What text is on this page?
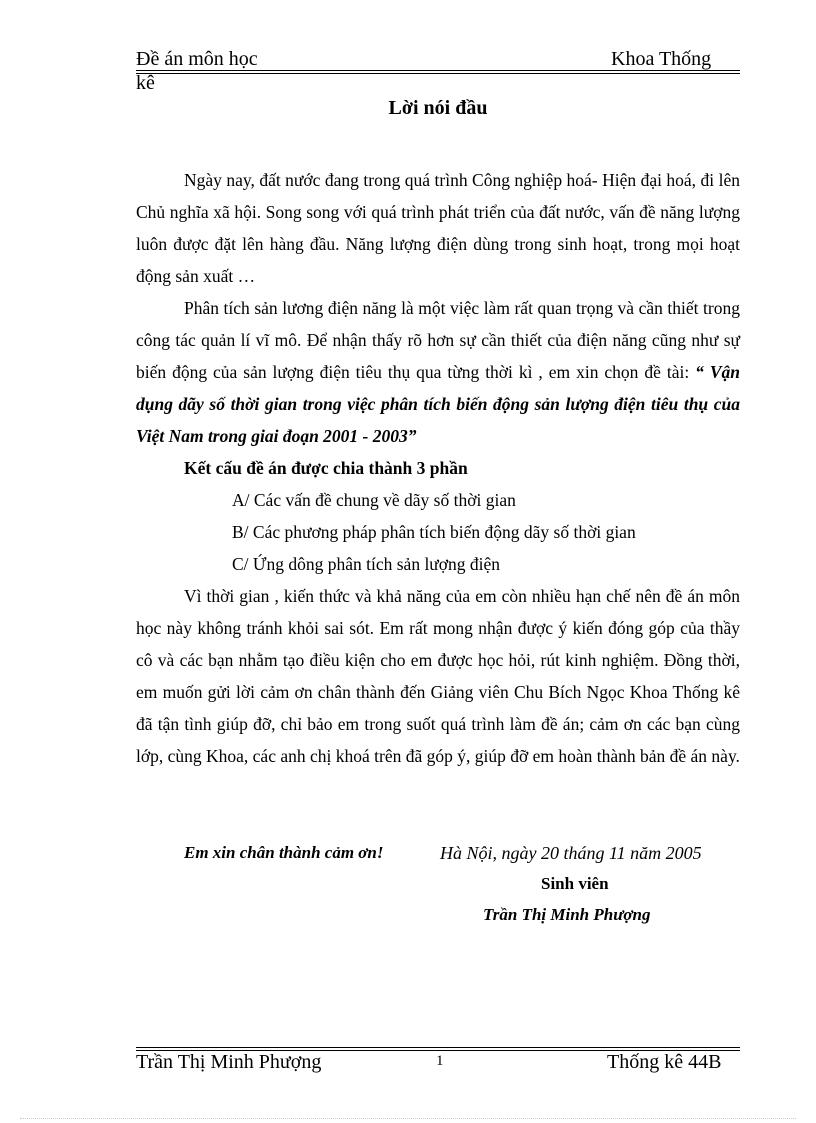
Đề án môn học	Khoa Thống
kê
Lời nói đầu

Ngày nay, đất nước đang trong quá trình Công nghiệp hoá- Hiện đại hoá, đi lên Chủ nghĩa xã hội. Song song với quá trình phát triển của đất nước, vấn đề năng lượng luôn được đặt lên hàng đầu. Năng lượng điện dùng trong sinh hoạt, trong mọi hoạt động sản xuất …

Phân tích sản lương điện năng là một việc làm rất quan trọng và cần thiết trong công tác quản lí vĩ mô. Để nhận thấy rõ hơn sự cần thiết của điện năng cũng như sự biến động của sản lượng điện tiêu thụ qua từng thời kì , em xin chọn đề tài: “ Vận dụng dãy số thời gian trong việc phân tích biến động sản lượng điện tiêu thụ của Việt Nam trong giai đoạn 2001 - 2003”

Kết cấu đề án được chia thành 3 phần
A/ Các vấn đề chung về dãy số thời gian
B/ Các phương pháp phân tích biến động dãy số thời gian
C/ Ứng dông phân tích sản lượng điện

Vì thời gian , kiến thức và khả năng của em còn nhiều hạn chế nên đề án môn học này không tránh khỏi sai sót. Em rất mong nhận được ý kiến đóng góp của thầy cô và các bạn nhằm tạo điều kiện cho em được học hỏi, rút kinh nghiệm. Đồng thời, em muốn gửi lời cảm ơn chân thành đến Giảng viên Chu Bích Ngọc Khoa Thống kê đã tận tình giúp đỡ, chỉ bảo em trong suốt quá trình làm đề án; cảm ơn các bạn cùng lớp, cùng Khoa, các anh chị khoá trên đã góp ý, giúp đỡ em hoàn thành bản đề án này.

Em xin chân thành cảm ơn!	Hà Nội, ngày 20 tháng 11 năm 2005
Sinh viên
Trần Thị Minh Phượng
Trần Thị Minh Phượng	1	Thống kê 44B
